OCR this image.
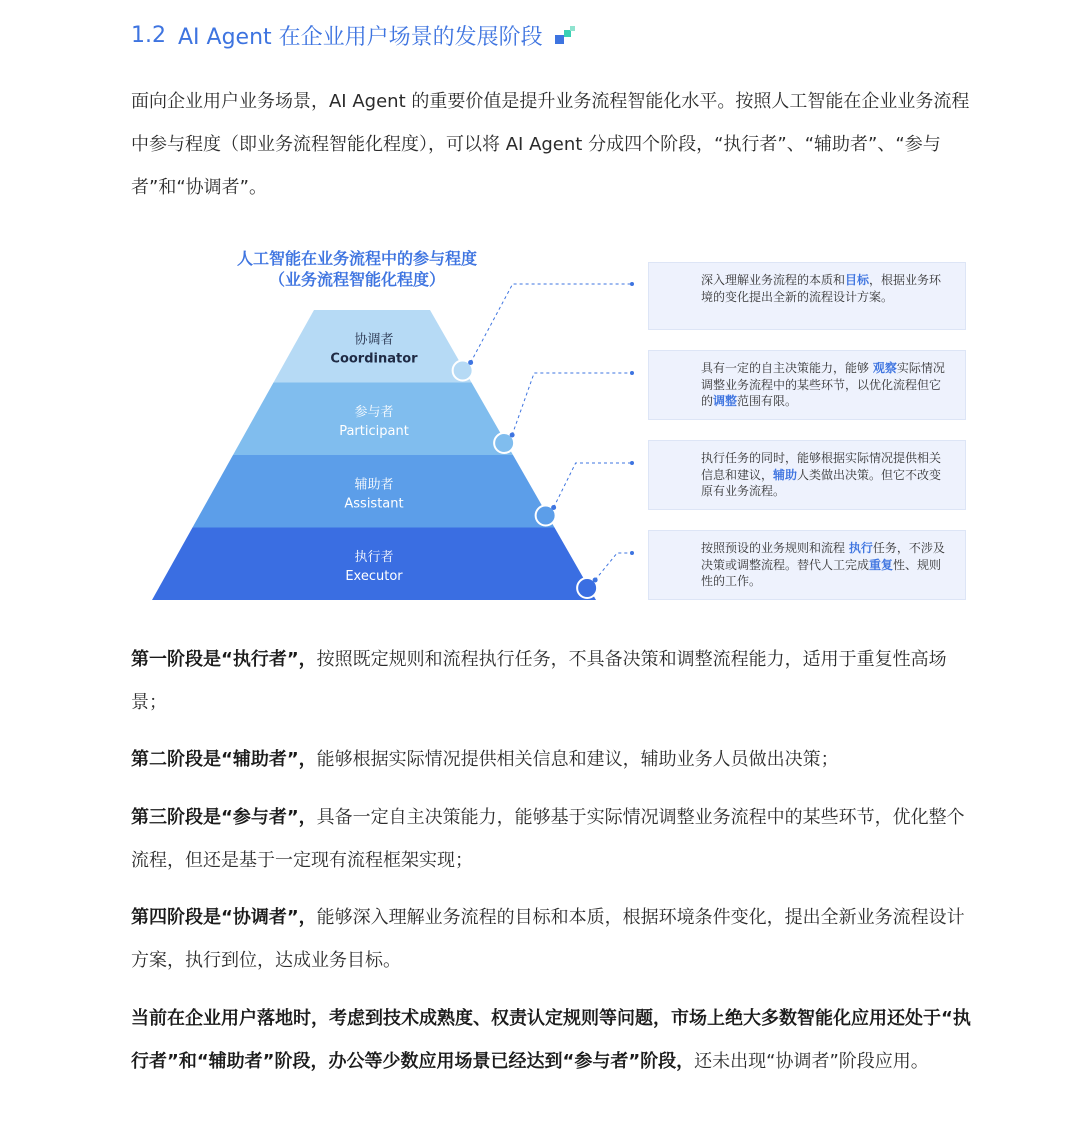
1.2 AI Agent 在企业用户场景的发展阶段

面向企业用户业务场景，AI Agent 的重要价值是提升业务流程智能化水平。按照人工智能在企业业务流程中参与程度（即业务流程智能化程度），可以将 AI Agent 分成四个阶段，“执行者”、“辅助者”、“参与者”和“协调者”。

人工智能在业务流程中的参与程度
（业务流程智能化程度）
协调者
Coordinator
参与者
Participant
辅助者
Assistant
执行者
Executor
深入理解业务流程的本质和目标，根据业务环境的变化提出全新的流程设计方案。
具有一定的自主决策能力，能够 观察实际情况调整业务流程中的某些环节，以优化流程但它的调整范围有限。
执行任务的同时，能够根据实际情况提供相关信息和建议，辅助人类做出决策。但它不改变原有业务流程。
按照预设的业务规则和流程 执行任务，不涉及决策或调整流程。替代人工完成重复性、规则性的工作。

第一阶段是“执行者”，按照既定规则和流程执行任务，不具备决策和调整流程能力，适用于重复性高场景；

第二阶段是“辅助者”，能够根据实际情况提供相关信息和建议，辅助业务人员做出决策；

第三阶段是“参与者”，具备一定自主决策能力，能够基于实际情况调整业务流程中的某些环节，优化整个流程，但还是基于一定现有流程框架实现；

第四阶段是“协调者”，能够深入理解业务流程的目标和本质，根据环境条件变化，提出全新业务流程设计方案，执行到位，达成业务目标。

当前在企业用户落地时，考虑到技术成熟度、权责认定规则等问题，市场上绝大多数智能化应用还处于“执行者”和“辅助者”阶段，办公等少数应用场景已经达到“参与者”阶段，还未出现“协调者”阶段应用。
